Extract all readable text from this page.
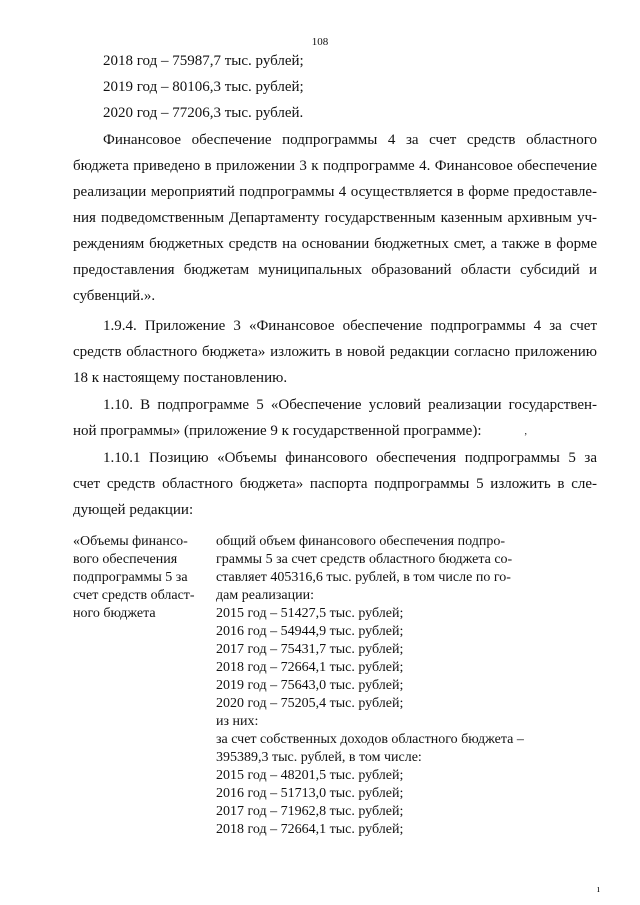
108

2018 год – 75987,7 тыс. рублей;

2019 год – 80106,3 тыс. рублей;

2020 год – 77206,3 тыс. рублей.

Финансовое обеспечение подпрограммы 4 за счет средств областного
бюджета приведено в приложении 3 к подпрограмме 4. Финансовое обеспечение
реализации мероприятий подпрограммы 4 осуществляется в форме предоставле-
ния подведомственным Департаменту государственным казенным архивным уч-
реждениям бюджетных средств на основании бюджетных смет, а также в форме
предоставления бюджетам муниципальных образований области субсидий и
субвенций.».
1.9.4. Приложение 3 «Финансовое обеспечение подпрограммы 4 за счет
средств областного бюджета» изложить в новой редакции согласно приложению
18 к настоящему постановлению.
1.10. В подпрограмме 5 «Обеспечение условий реализации государствен-
ной программы» (приложение 9 к государственной программе):
1.10.1 Позицию «Объемы финансового обеспечения подпрограммы 5 за
счет средств областного бюджета» паспорта подпрограммы 5 изложить в сле-
дующей редакции:
«Объемы финансо-
вого обеспечения
подпрограммы 5 за
счет средств област-
ного бюджета
общий объем финансового обеспечения подпро-
граммы 5 за счет средств областного бюджета со-
ставляет 405316,6 тыс. рублей, в том числе по го-
дам реализации:
2015 год – 51427,5 тыс. рублей;
2016 год – 54944,9 тыс. рублей;
2017 год – 75431,7 тыс. рублей;
2018 год – 72664,1 тыс. рублей;
2019 год – 75643,0 тыс. рублей;
2020 год – 75205,4 тыс. рублей;
из них:
за счет собственных доходов областного бюджета –
395389,3 тыс. рублей, в том числе:
2015 год – 48201,5 тыс. рублей;
2016 год – 51713,0 тыс. рублей;
2017 год – 71962,8 тыс. рублей;
2018 год – 72664,1 тыс. рублей;
‚
ı
